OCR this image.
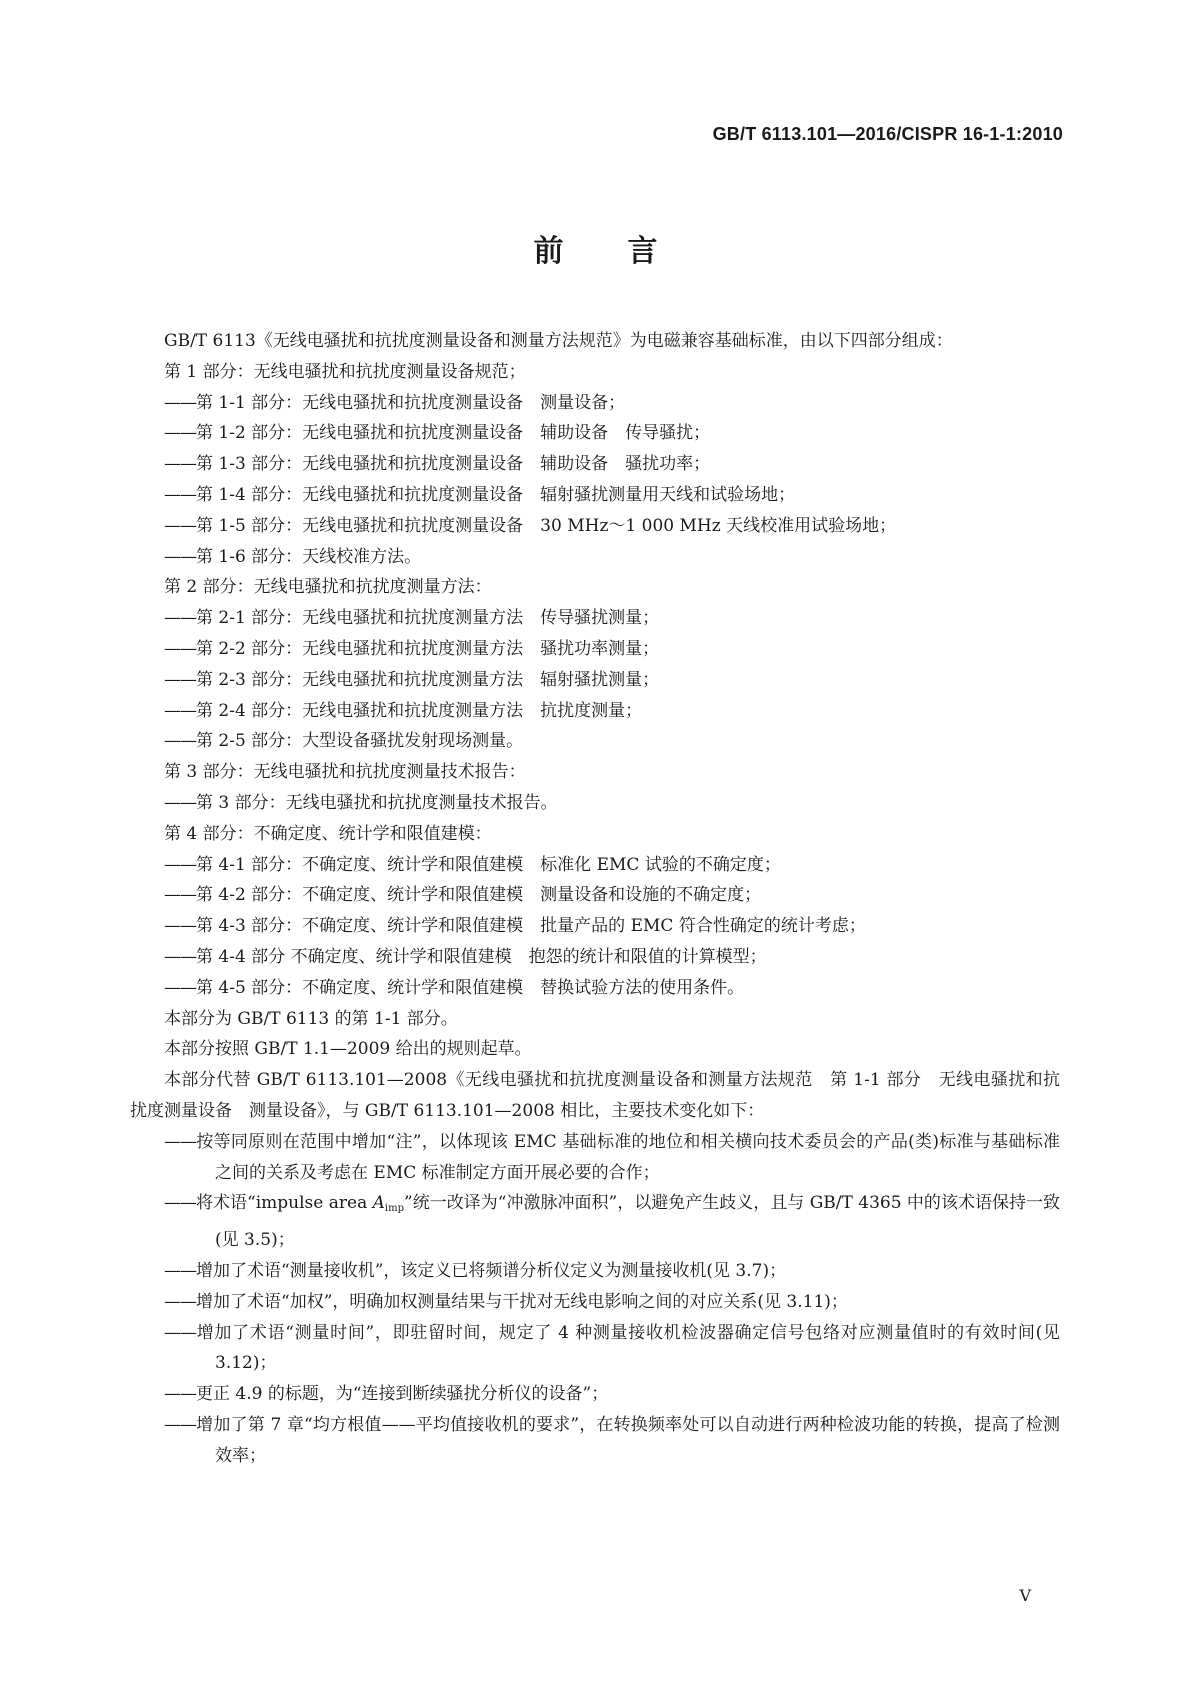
GB/T 6113.101—2016/CISPR 16-1-1:2010
前言

GB/T 6113《无线电骚扰和抗扰度测量设备和测量方法规范》为电磁兼容基础标准，由以下四部分组成：

第 1 部分：无线电骚扰和抗扰度测量设备规范；

——第 1-1 部分：无线电骚扰和抗扰度测量设备　测量设备；

——第 1-2 部分：无线电骚扰和抗扰度测量设备　辅助设备　传导骚扰；

——第 1-3 部分：无线电骚扰和抗扰度测量设备　辅助设备　骚扰功率；

——第 1-4 部分：无线电骚扰和抗扰度测量设备　辐射骚扰测量用天线和试验场地；

——第 1-5 部分：无线电骚扰和抗扰度测量设备　30 MHz～1 000 MHz 天线校准用试验场地；

——第 1-6 部分：天线校准方法。

第 2 部分：无线电骚扰和抗扰度测量方法：

——第 2-1 部分：无线电骚扰和抗扰度测量方法　传导骚扰测量；

——第 2-2 部分：无线电骚扰和抗扰度测量方法　骚扰功率测量；

——第 2-3 部分：无线电骚扰和抗扰度测量方法　辐射骚扰测量；

——第 2-4 部分：无线电骚扰和抗扰度测量方法　抗扰度测量；

——第 2-5 部分：大型设备骚扰发射现场测量。

第 3 部分：无线电骚扰和抗扰度测量技术报告：

——第 3 部分：无线电骚扰和抗扰度测量技术报告。

第 4 部分：不确定度、统计学和限值建模：

——第 4-1 部分：不确定度、统计学和限值建模　标准化 EMC 试验的不确定度；

——第 4-2 部分：不确定度、统计学和限值建模　测量设备和设施的不确定度；

——第 4-3 部分：不确定度、统计学和限值建模　批量产品的 EMC 符合性确定的统计考虑；

——第 4-4 部分 不确定度、统计学和限值建模　抱怨的统计和限值的计算模型；

——第 4-5 部分：不确定度、统计学和限值建模　替换试验方法的使用条件。

本部分为 GB/T 6113 的第 1-1 部分。

本部分按照 GB/T 1.1—2009 给出的规则起草。

本部分代替 GB/T 6113.101—2008《无线电骚扰和抗扰度测量设备和测量方法规范　第 1-1 部分　无线电骚扰和抗扰度测量设备　测量设备》，与 GB/T 6113.101—2008 相比，主要技术变化如下：

——按等同原则在范围中增加“注”，以体现该 EMC 基础标准的地位和相关横向技术委员会的产品(类)标准与基础标准之间的关系及考虑在 EMC 标准制定方面开展必要的合作；

——将术语“impulse area $A_{imp}$”统一改译为“冲激脉冲面积”，以避免产生歧义，且与 GB/T 4365 中的该术语保持一致(见 3.5)；

——增加了术语“测量接收机”，该定义已将频谱分析仪定义为测量接收机(见 3.7)；

——增加了术语“加权”，明确加权测量结果与干扰对无线电影响之间的对应关系(见 3.11)；

——增加了术语“测量时间”，即驻留时间，规定了 4 种测量接收机检波器确定信号包络对应测量值时的有效时间(见 3.12)；

——更正 4.9 的标题，为“连接到断续骚扰分析仪的设备”；

——增加了第 7 章“均方根值——平均值接收机的要求”，在转换频率处可以自动进行两种检波功能的转换，提高了检测效率；

V
